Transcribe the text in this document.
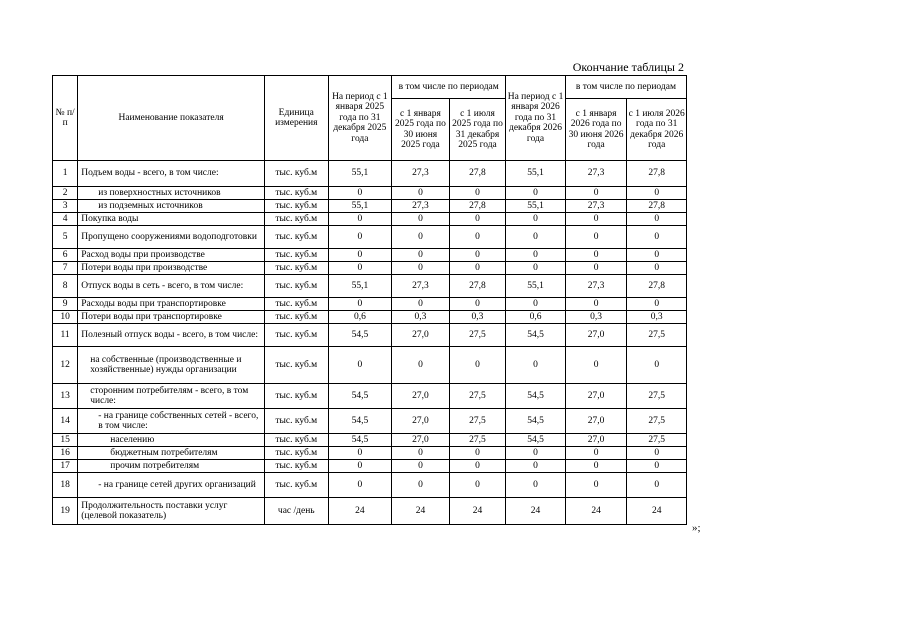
Окончание таблицы 2
№ п/п	Наименование показателя	Единица измерения	На период с 1 января 2025 года по 31 декабря 2025 года	в том числе по периодам		На период с 1 января 2026 года по 31 декабря 2026 года	в том числе по периодам	
				с 1 января 2025 года по 30 июня 2025 года	с 1 июля 2025 года по 31 декабря 2025 года		с 1 января 2026 года по 30 июня 2026 года	с 1 июля 2026 года по 31 декабря 2026 года
1	Подъем воды - всего, в том числе:	тыс. куб.м	55,1	27,3	27,8	55,1	27,3	27,8
2	из поверхностных источников	тыс. куб.м	0	0	0	0	0	0
3	из подземных источников	тыс. куб.м	55,1	27,3	27,8	55,1	27,3	27,8
4	Покупка воды	тыс. куб.м	0	0	0	0	0	0
5	Пропущено сооружениями водоподготовки	тыс. куб.м	0	0	0	0	0	0
6	Расход воды при производстве	тыс. куб.м	0	0	0	0	0	0
7	Потери воды при производстве	тыс. куб.м	0	0	0	0	0	0
8	Отпуск воды в сеть - всего, в том числе:	тыс. куб.м	55,1	27,3	27,8	55,1	27,3	27,8
9	Расходы воды при транспортировке	тыс. куб.м	0	0	0	0	0	0
10	Потери воды при транспортировке	тыс. куб.м	0,6	0,3	0,3	0,6	0,3	0,3
11	Полезный отпуск воды - всего, в том числе:	тыс. куб.м	54,5	27,0	27,5	54,5	27,0	27,5
12	на собственные (производственные и хозяйственные) нужды организации	тыс. куб.м	0	0	0	0	0	0
13	сторонним потребителям - всего, в том числе:	тыс. куб.м	54,5	27,0	27,5	54,5	27,0	27,5
14	- на границе собственных сетей - всего, в том числе:	тыс. куб.м	54,5	27,0	27,5	54,5	27,0	27,5
15	населению	тыс. куб.м	54,5	27,0	27,5	54,5	27,0	27,5
16	бюджетным потребителям	тыс. куб.м	0	0	0	0	0	0
17	прочим потребителям	тыс. куб.м	0	0	0	0	0	0
18	- на границе сетей других организаций	тыс. куб.м	0	0	0	0	0	0
19	Продолжительность поставки услуг (целевой показатель)	час /день	24	24	24	24	24	24
»;
